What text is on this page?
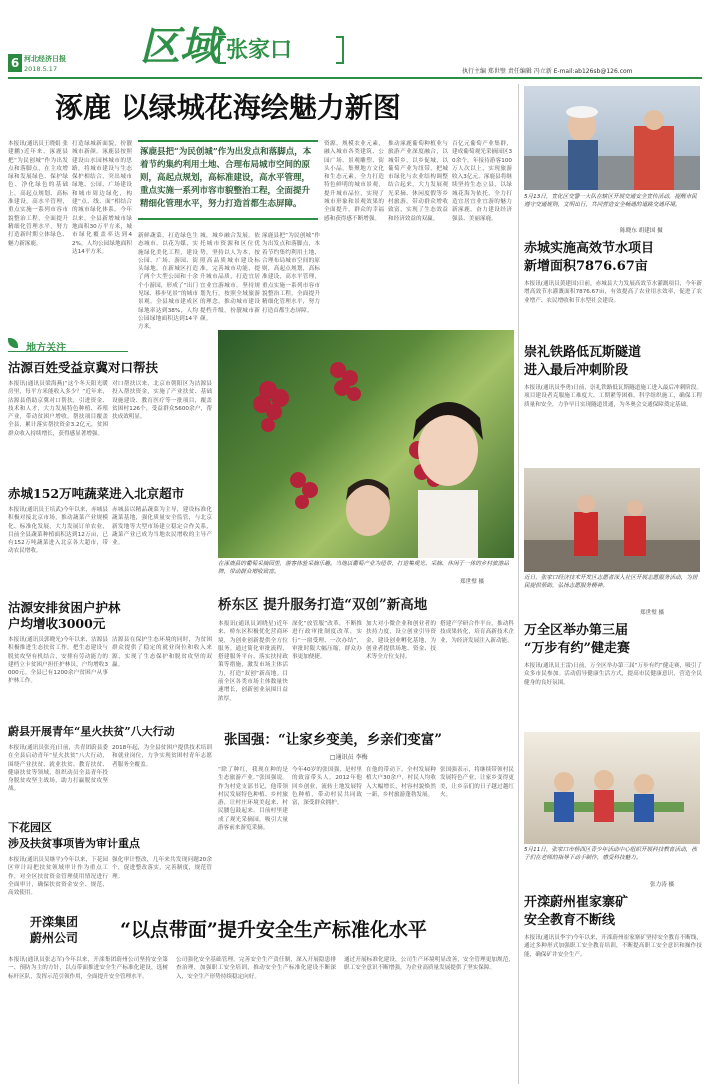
6 河北经济日报
2018.5.17 区域 张家口
执行主编 郑世璧 责任编辑 冯立新 E-mail:ab126sb@126.com
涿鹿 以绿城花海绘魅力新图
本报讯(通讯员王晓娟 张建鹏)近年来，涿鹿县把“为民创城”作为出发点和落脚点，在主攻增绿和发展绿色、保护绿色、净化绿色的基础上，高起点规划、高标准建设，高水平管理，重点实施一系列市容市貌整治工程，全面提升精细化管理水平，努力打造新时期立体绿色、魅力新涿鹿。
打造绿城新面貌，扮靓城市新颜。涿鹿县按照建设山水园林城市的思路，将城市建设与生态保护相结合，突出城市绿地、公园、广场建设和城市周边绿化，构建“点、线、面”相结合的城市绿化体系。今年以来，全县新增城市绿地面积30万平方米，城市绿化覆盖率达到42%，人均公园绿地面积达14平方米。
涿鹿县把“为民创城”作为出发点和落脚点，本着节约集约利用土地、合理布局城市空间的原则，高起点规划，高标准建设，高水平管理，重点实施一系列市容市貌整治工程，全面提升精细化管理水平，努力打造首都生态屏障。
新鲜蔬菜，打造绿色生态城市，以花为媒，实施绿化美化工程，建设公园、广场、游园、街头绿地。在新城区打造了两个大型公园和十余个小游园，形成了“出门见绿、移步见景”的城市景观。全县城市建成区绿地率达到38%，人均公园绿地面积达到14平方米。
城，城乡融合发展。依托城市资源和区位优势，坚持以人为本，按照高品质城市建设标准，完善城市功能，提升城市品质，打造宜居宜业宜游城市。坚持规划先行，按照全域旅游的理念，推动城市建设提档升级，扮靓城市新颜。
涿鹿县把“为民创城”作为出发点和落脚点，本着节约集约利用土地、合理布局城市空间的原则，高起点规划，高标准建设，高水平管理，重点实施一系列市容市貌整治工程，全面提升精细化管理水平，努力打造首都生态屏障。
资源，规模农业元素，融入城市各类建筑、公园广场、景观雕塑、街头小品，集聚地方文化和生态元素，全力打造特色鲜明的城市景观，提升城市品位，实现了城市形象和景观效果的全面提升，群众的幸福感和获得感不断增强。
推动涿鹿葡萄种植业与旅游产业深度融合，以城带乡，以乡促城，以葡萄产业为纽带，把城市绿化与农业结构调整结合起来，大力发展观光采摘、休闲度假等乡村旅游，带动群众增收致富，实现了生态效益和经济效益的双赢。
百亿元葡萄产业集群，建成葡萄观光采摘园区30余个，年接待游客100万人次以上，实现旅游收入3亿元。涿鹿县将继续坚持生态立县，以绿城花海为依托，全力打造宜居宜业宜游的魅力新涿鹿，奋力建设经济强县、美丽涿鹿。
地方关注
沽源百姓受益京冀对口帮扶
本报讯(通讯员梁海燕)“这个冬天阳光暖房里，每平方米能收入多少？”近年来，沽源县借助京冀对口帮扶，引进资金、技术和人才，大力发展特色种植、养殖产业，带动贫困户增收。帮扶项目覆盖全县，累计落实帮扶资金3.2亿元，贫困群众收入持续增长，获得感显著增强。
对口帮扶以来，北京市朝阳区为沽源县投入帮扶资金，实施了产业扶贫、基础设施建设、教育医疗等一批项目，覆盖贫困村126个，受益群众5600余户，帮扶成效明显。
赤城152万吨蔬菜进入北京超市
本报讯(通讯员王培武)今年以来，赤城县积极对接北京市场，推动蔬菜产业规模化、标准化发展，大力发展订单农业，目前全县蔬菜种植面积达到12万亩，已有152万吨蔬菜进入北京各大超市，带动农民增收。
赤城县以精品蔬菜为主导，建设标准化蔬菜基地，强化质量安全监管，与北京新发地等大型市场建立稳定合作关系，蔬菜产业已成为当地农民增收的主导产业。
沽源安排贫困户护林
户均增收3000元
本报讯(通讯员郭晓光)今年以来，沽源县积极推进生态扶贫工作，把生态建设与脱贫攻坚有机结合，安排有劳动能力的建档立卡贫困户担任护林员，户均增收3000元。全县已有1200余户贫困户从事护林工作。
沽源县在保护生态环境的同时，为贫困群众提供了稳定的就业岗位和收入来源，实现了生态保护和脱贫攻坚的双赢。
蔚县开展青年“星火扶贫”八大行动
本报讯(通讯员张亮)日前，共青团蔚县委在全县启动青年“星火扶贫”八大行动，围绕产业扶贫、就业扶贫、教育扶贫、健康扶贫等领域，组织动员全县青年投身脱贫攻坚主战场，助力打赢脱贫攻坚战。
2018年起，为全县贫困户提供技术培训和就业岗位，力争实现贫困村青年志愿者服务全覆盖。
下花园区
涉及扶贫事项皆为审计重点
本报讯(通讯员吴继平)今年以来，下花园区审计局把扶贫领域审计作为重点工作，对全区扶贫资金管理使用情况进行全面审计，确保扶贫资金安全、规范、高效使用。
强化审计整改，几年来共发现问题20余个，促进整改落实，完善制度，规范管理。
在涿鹿县的葡萄采摘园里，游客体验采摘乐趣。当地以葡萄产业为纽带，打造集观光、采摘、休闲于一体的乡村旅游品牌，带动群众增收致富。
郑世璧 摄
桥东区 提升服务打造“双创”新高地
本报讯(通讯员刘晓星)近年来，桥东区积极优化营商环境，为创业创新提供全方位服务。通过简化审批流程、搭建服务平台、落实扶持政策等措施，激发市场主体活力，打造“双创”新高地。目前全区各类市场主体数量快速增长，创新创业氛围日益浓厚。
深化“放管服”改革，不断推进行政审批制度改革，实行“一窗受理、一次办结”，审批时限大幅压缩，群众办事更加便捷。
加大对小微企业和创业者的扶持力度，设立创业引导资金，建设创业孵化基地，为创业者提供场地、资金、技术等全方位支持。
搭建产学研合作平台，推动科技成果转化，培育高新技术企业，为经济发展注入新动能。
张国强：“让家乡变美，乡亲们变富”
□通讯员 李梅
“除了种红，我现在种的是生态旅游产业。”张国强说。作为村党支部书记，他带领村民发展特色种植、乡村旅游，让村庄环境美起来、村民腰包鼓起来。目前村里建成了观光采摘园，吸引大量游客前来游览采摘。
今年40岁的张国强，是村里的致富带头人。2012年他回乡创业，流转土地发展特色种植，带动村民共同致富，深受群众拥护。
在他的带动下，全村发展种植大户30余户，村民人均收入大幅增长，村容村貌焕然一新，乡村旅游蓬勃发展。
张国强表示，将继续带领村民发展特色产业，让家乡变得更美，让乡亲们的日子越过越红火。
开滦集团
蔚州公司	“以点带面”提升安全生产标准化水平
本报讯(通讯员张志军)今年以来，开滦集团蔚州公司坚持安全第一、预防为主的方针，以点带面推进安全生产标准化建设，选树标杆区队，发挥示范引领作用，全面提升安全管理水平。
公司强化安全基础管理，完善安全生产责任制，深入开展隐患排查治理，加强职工安全培训，推动安全生产标准化建设不断深入，安全生产形势持续稳定向好。
通过开展标准化建设，公司生产环境明显改善，安全管理更加规范，职工安全意识不断增强，为企业高质量发展提供了坚实保障。
5月13日，宣化区交警一大队在辖区开展交通安全宣传活动，提醒市民遵守交通规则，文明出行，共同营造安全畅通的道路交通环境。
陈晓东 胡建国 摄
赤城实施高效节水项目
新增面积7876.67亩
本报讯(通讯员黄建国)日前，赤城县大力发展高效节水灌溉项目，今年新增高效节水灌溉面积7876.67亩，有效提高了农业用水效率，促进了农业增产、农民增收和节水型社会建设。
崇礼铁路低瓦斯隧道
进入最后冲刺阶段
本报讯(通讯员李勇)日前，崇礼铁路低瓦斯隧道施工进入最后冲刺阶段。项目建设者克服施工难度大、工期紧等困难，科学组织施工，确保工程质量和安全，力争早日实现隧道贯通，为冬奥会交通保障奠定基础。
近日，张家口经济技术开发区志愿者深入社区开展志愿服务活动，为居民提供帮助，弘扬志愿服务精神。
郑世璧 摄
万全区举办第三届
“万步有约”健走赛
本报讯(通讯员王雷)日前，万全区举办第三届“万步有约”健走赛，吸引了众多市民参加。活动倡导健康生活方式，提高市民健康意识，营造全民健身的良好氛围。
5月11日，张家口市桥西区青少年活动中心组织开展科技教育活动，孩子们在老师的指导下动手制作，感受科技魅力。
张力涛 摄
开滦蔚州崔家寨矿
安全教育不断线
本报讯(通讯员李宇)今年以来，开滦蔚州崔家寨矿坚持安全教育不断线，通过多种形式加强职工安全教育培训，不断提高职工安全意识和操作技能，确保矿井安全生产。
